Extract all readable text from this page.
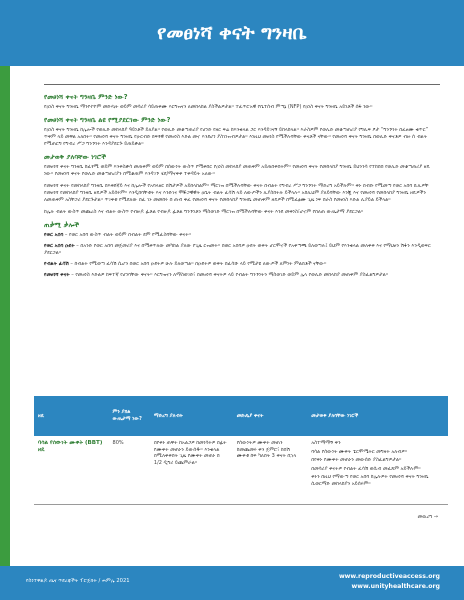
የመፀነሻ ቀናት ግንዛቤ
የመፀነሻ ቀናት ግንዛቤ ምንድ ነው?

የዐነስ ቀናት ግንዛቤ ማንዮኮኮም መድሃኒት ወይም መሳሪያ ሳይጠቀሙ እርግዝናን ለመከላከል ያስችልዎታል። ተፈጥሮአዊ የቤተሰብ ምጣኔ (NFP) የዐነስ ቀናት ግንዛቤ አይነቶች ሰፋ ነው።

የመፀነሻ ቀናት ግንዛቤ ልዩ የሚያደርገው ምንድ ነው?

የዐነስ ቀናት ግንዛቤ ከሌሎች የወሊድ መከላከያ ዓይነቶች ይለያል። የወሊድ መቆጣጠሪያ የሆነድ የዘር ፍሬ ከእንቁላል ጋር እንዳይገናኝ ይከላከላል። እራስዎም የወሊድ መቆጣጠሪያ የግሊፍ ፆታ “ግንኙነት በፈፀሙ ቁጥር” ጥቅም ላይ መዋል አለበት። የመፀነሻ ቀናት ግንዛቤ የዑርብድ ክፍፃዊ የመፀነስ እድል መኖ እንደሆነ ያስገነዝብዎታል። እነዚህ መፀነስ የሚችሉባቸው ቀናቶች ናቸው። የመፀነሻ ቀናት ግንዛቤ በወሊድ ቀናቶዎ ብዙ ሰ ብልት የሚጠርግ የግብረ ሥጋ ግንኙነት እንዳያደርጉ ይጠይቃል።

መታወቅ ያለባቸው ነገሮች

የመፀነሻ ቀናት ግንዛቤ ከፈፃሚ ወይም እንቅስቃሳ መጠቀም ወይም በሰውነት ውስጥ የሚቀበር የዐነስ መከላከያ መጠቀም አይጠበቅበትም። የመፀነሻ ቀናት የመከላከያ ግንዛቤ ይህንንሳ የተከበበ የወሊድ መቆጣጠሪያ ዘዴ ነው። የመፀነሻ ቀናት የወሊድ መቆጣጠሪያን በሚቆጠም እንዳገኙ ሂደ/ማናቀቅ ተቀዳይት አለው።

የመፀነሻ ቀናት የመከላከያ ግንዛቤ በእቅደኛይ እና ከሌሎች የአባላዘር በሽታዎች አይከላከልም። ማርገዝ በሚችሉባቸው ቀናት በብልት የግብረ ሥጋ ግንኙነት ማድረግ አይችሉም። ቀኑ በብቡ የሚመጣ የወር አበባ ኪሊዎቸ የመፀነሻ የመከላከያ ግንዛቤ ዘዴዎች አይሰሩም። እንዲከባቸቱት እና እንድገና ሞኞጋዊዊት ዐቤት ብልት ፈሳሽ ላይ ለውጦችን ሊያስከትሉ ይችላሉ። አከሊህም ያለይባቸው እንጂ እና የመፀነሻ የመከላከያ ግንዛቤ ዘዴዎችን ለመጠቀም አስቸጋሪ ያደርጉታል። ጥገቀቱ የሚደለው በፈ ገኑ መመከሩ በ ጠብ ቀፈ የመፀነሻ ቀናት የመከላከያ ግንዛቤ መጠቀም ዘዴዎች በሚፈፅሙ ጊዜ ነፍ በራስ የመፀነስ እድል ሊያይል ይችላል።

ከሌሉ ብልት ውስጥ መጨረስ እና ብልት ውስጥ የብዙዶ ፊቶል የብዙዶ ፊቶል ግንኙነቶን ማስወገድ ማርገዝ በሚችሉባቸው ቀናት እንደ መቀነስ፣ሆኖም የበለጠ ውጤታማ ያደርጋል።

ጠቃሚ ቃሎች
የወር አበባ – የወር አበባ ውስጥ ብልት ወይም በብልት ደም የሚፈስባቸው ቀናት።
የወር አበባ ዑደት – በአንድ የወር አበባ መጀመሪያ እና በሚቀጥለው መካከል ያለው የጊዜ ርዝመት። በወር አበባዎ ዑደት ወቅት ሆርሞኖች የአቅጣጫ ይለወጣሉ፤ ይህም የእንቁላል መለቀቅ እና የማህፀን ሽፋን እንዲወፍር ያደርጋል።
የብልት ፈሳሽ – ከብልት የሚወጣ ፈሳሽ ሲሆን በወር አበባ ዑደትዎ ሁሉ ይለወጣል። በዑደትዎ ወቅት በፈሳሹ ላይ የሚታዩ ለውጦች ለምነት ምልክቶች ናቸው።
የመፀነሻ ቀናት – የመፀነስ እድልዎ ከፍተኛ የሆነባቸው ቀናት። እርግዝናን ለማስወገድ፣ በመፀነሻ ቀናትዎ ላይ የብልት ግንኙነትን ማስወገድ ወይም ሌላ የወሊድ መከላከያ መጠቀም ያስፈልግዎታል።
ዘዴ	ምን ያክል ውጤታማ ነው?	ማድረግ ያለብት	መድሀኒያ ቀናት	መታወቅ ያለባቸው ነገሮች
ባሳል የሰውነት ሙቀት (BBT) ዘዴ	80%	በየቀኑ ጠዋት ከአልጋዎ ከመነሳትዎ በፊት የሙቀት መጠኑን ይውሰዱ። እንቁላል በሚለቀቅበት ጊዜ የሙቀት መጠኑ በ 1/2 ዲግሪ ይጨምራል።	የሰውነትዎ ሙቀት መጠን ከመጨመሩ ቀን ጀምሮ፣ ከበሽ ሙቀቱ ከፍ ካለበት 3 ቀናት በኋላ	አስተማማኝ ቀን
ባሳል የሰውነት ሙቀት ቴርሞሜትር መግዛት አለብዎ።
በየቀኑ የሙቀት መጠኑን መውሰድ ያስፈልግዎታል።
በመሳሪያ ቀናትዎ የብልት ፈሳሽ ወሲብ መፈጸም አይችሉም።
ቀኑን በዚህ የማውጣ የወር አበባ ከሌሉዎት የመፀነሻ ቀናት ግንዛቤ ሲወርማድ መከላከያን አይሰሩም።
መዉረግ →
የስነተዋልዶ ጤና ጥደረጃችት ፕሮጀክት / ሐምሌ 2021
www.reproductiveaccess.org
www.unityhealthcare.org
